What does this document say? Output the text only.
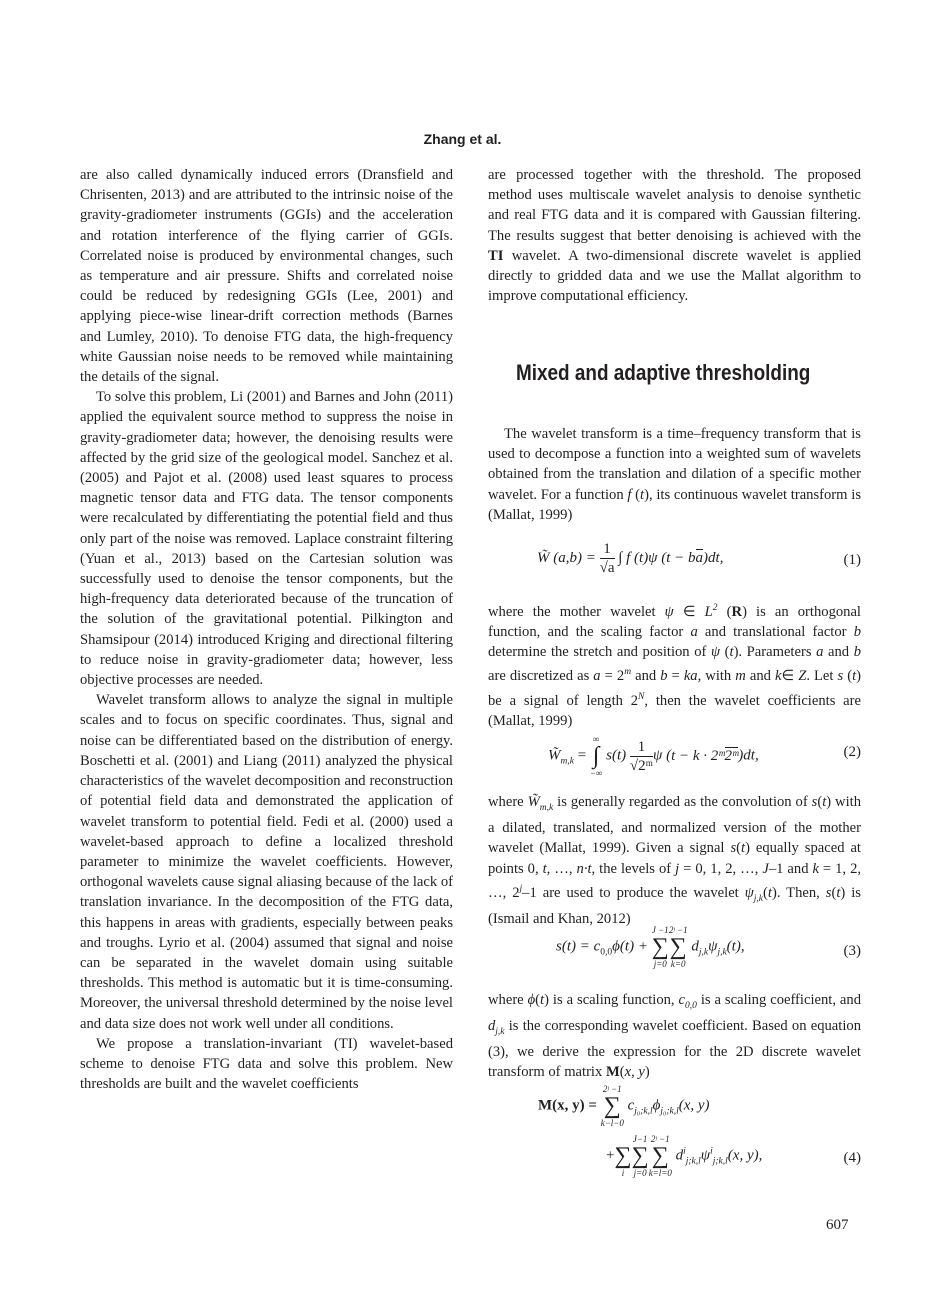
Zhang et al.

are also called dynamically induced errors (Dransfield and Chrisenten, 2013) and are attributed to the intrinsic noise of the gravity-gradiometer instruments (GGIs) and the acceleration and rotation interference of the flying carrier of GGIs. Correlated noise is produced by environmental changes, such as temperature and air pressure. Shifts and correlated noise could be reduced by redesigning GGIs (Lee, 2001) and applying piece-wise linear-drift correction methods (Barnes and Lumley, 2010). To denoise FTG data, the high-frequency white Gaussian noise needs to be removed while maintaining the details of the signal.

To solve this problem, Li (2001) and Barnes and John (2011) applied the equivalent source method to suppress the noise in gravity-gradiometer data; however, the denoising results were affected by the grid size of the geological model. Sanchez et al. (2005) and Pajot et al. (2008) used least squares to process magnetic tensor data and FTG data. The tensor components were recalculated by differentiating the potential field and thus only part of the noise was removed. Laplace constraint filtering (Yuan et al., 2013) based on the Cartesian solution was successfully used to denoise the tensor components, but the high-frequency data deteriorated because of the truncation of the solution of the gravitational potential. Pilkington and Shamsipour (2014) introduced Kriging and directional filtering to reduce noise in gravity-gradiometer data; however, less objective processes are needed.

Wavelet transform allows to analyze the signal in multiple scales and to focus on specific coordinates. Thus, signal and noise can be differentiated based on the distribution of energy. Boschetti et al. (2001) and Liang (2011) analyzed the physical characteristics of the wavelet decomposition and reconstruction of potential field data and demonstrated the application of wavelet transform to potential field. Fedi et al. (2000) used a wavelet-based approach to define a localized threshold parameter to minimize the wavelet coefficients. However, orthogonal wavelets cause signal aliasing because of the lack of translation invariance. In the decomposition of the FTG data, this happens in areas with gradients, especially between peaks and troughs. Lyrio et al. (2004) assumed that signal and noise can be separated in the wavelet domain using suitable thresholds. This method is automatic but it is time-consuming. Moreover, the universal threshold determined by the noise level and data size does not work well under all conditions.

We propose a translation-invariant (TI) wavelet-based scheme to denoise FTG data and solve this problem. New thresholds are built and the wavelet coefficients

are processed together with the threshold. The proposed method uses multiscale wavelet analysis to denoise synthetic and real FTG data and it is compared with Gaussian filtering. The results suggest that better denoising is achieved with the TI wavelet. A two-dimensional discrete wavelet is applied directly to gridded data and we use the Mallat algorithm to improve computational efficiency.

Mixed and adaptive thresholding

The wavelet transform is a time–frequency transform that is used to decompose a function into a weighted sum of wavelets obtained from the translation and dilation of a specific mother wavelet. For a function f (t), its continuous wavelet transform is (Mallat, 1999)

W̃ $(a,b) = \frac{1}{√a}$ ∫ f (t)ψ (t − ba)dt,	(1)

where the mother wavelet ψ ∈ $L^2$ (R) is an orthogonal function, and the scaling factor a and translational factor b determine the stretch and position of ψ (t). Parameters a and b are discretized as $a = 2^m$ and b = ka, with m and k∈ Z. Let s (t) be a signal of length $2^N$, then the wavelet coefficients are (Mallat, 1999)

$W̃_{m,k}$ =
∞
∫
−∞
$s(t) \frac{1}{\text{√2ᵐ}}$ ψ (t − k · 2ᵐ2ᵐ)dt,	(2)

where $W̃_{m,k}$ is generally regarded as the convolution of s(t) with a dilated, translated, and normalized version of the mother wavelet (Mallat, 1999). Given a signal s(t) equally spaced at points 0, t, …, n·t, the levels of j = 0, 1, 2, …, J–1 and k = 1, 2, …, 2$^j$–1 are used to produce the wavelet $\psi_{j,k}(t)$. Then, s(t) is (Ismail and Khan, 2012)

$s(t) = c_{0,0}\phi(t)$ +
J −1
∑
j=0
2ʲ −1
∑
k=0
$d_{j,k}\psi_{j,k}(t)$,	(3)

where ϕ(t) is a scaling function, $c_{0,0}$ is a scaling coefficient, and $d_{j,k}$ is the corresponding wavelet coefficient. Based on equation (3), we derive the expression for the 2D discrete wavelet transform of matrix M(x, y)

M(x, y) =
2ʲ −1
∑
k−l−0
$c_{j_0;k,l}\phi_{j_0;k,l}(x$, y)
+
∑
i
J−1
∑
j=0
2ʲ −1
∑
k=l=0
$d^i_{j;k,l}\psi^i_{j;k,l}(x$, y),	(4)
607
